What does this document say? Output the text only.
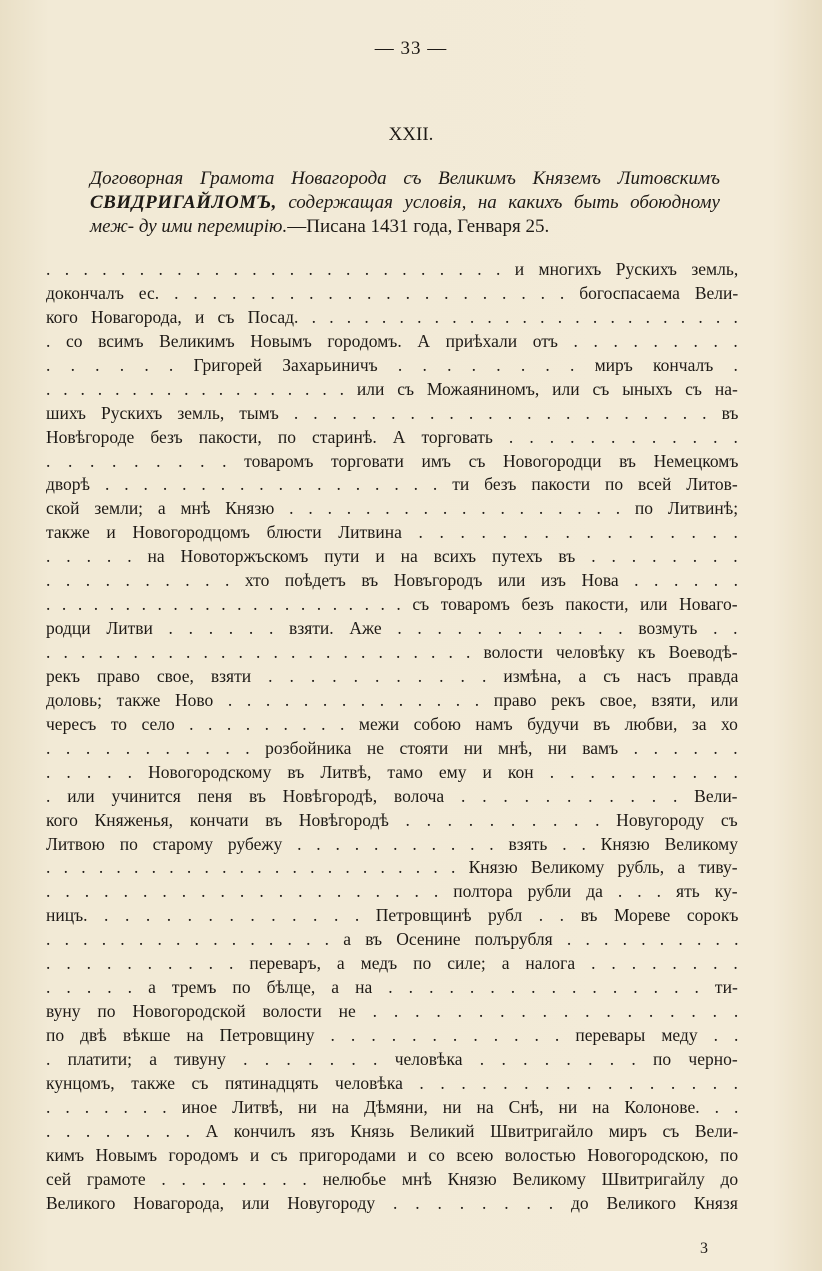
— 33 —
XXII.
Договорная Грамота Новагорода съ Великимъ Княземъ Литовскимъ СВИДРИГАЙЛОМЪ, содержащая условія, на какихъ быть обоюдному меж- ду ими перемирію.—Писана 1431 года, Генваря 25.
. . . . . . . . . . . . . . . . . . . . . . . . . и многихъ Рускихъ земль,
докончалъ ес. . . . . . . . . . . . . . . . . . . . . . богоспасаема Вели-
кого Новагорода, и съ Посад. . . . . . . . . . . . . . . . . . . . . . . . . .
. со всимъ Великимъ Новымъ городомъ. А приѣхали отъ . . . . . . . . .
. . . . . . Григорей Захарьиничъ . . . . . . . . миръ кончалъ .
. . . . . . . . . . . . . . . . . . или съ Можаяниномъ, или съ ыныхъ съ на-
шихъ Рускихъ земль, тымъ . . . . . . . . . . . . . . . . . . . . . . въ
Новѣгороде безъ пакости, по старинѣ. А торговать . . . . . . . . . . . .
. . . . . . . . . товаромъ торговати имъ съ Новогородци въ Немецкомъ
дворѣ . . . . . . . . . . . . . . . . . . ти безъ пакости по всей Литов-
ской земли; а мнѣ Князю . . . . . . . . . . . . . . . . . . по Литвинѣ;
также и Новогородцомъ блюсти Литвина . . . . . . . . . . . . . . . .
. . . . . на Новоторжъскомъ пути и на всихъ путехъ въ . . . . . . . .
. . . . . . . . . . хто поѣдетъ въ Новъгородъ или изъ Нова . . . . . .
. . . . . . . . . . . . . . . . . . . . . . . съ товаромъ безъ пакости, или Новаго-
родци Литви . . . . . . взяти. Аже . . . . . . . . . . . . возмуть . .
. . . . . . . . . . . . . . . . . . . . . . . . . волости человѣку къ Воеводѣ-
рекъ право свое, взяти . . . . . . . . . . . измѣна, а съ насъ правда
доловь; также Ново . . . . . . . . . . . . . . право рекъ свое, взяти, или
чересъ то село . . . . . . . . . межи собою намъ будучи въ любви, за хо
. . . . . . . . . . . розбойника не стояти ни мнѣ, ни вамъ . . . . . .
. . . . . Новогородскому въ Литвѣ, тамо ему и кон . . . . . . . . . .
. или учинится пеня въ Новѣгородѣ, волоча . . . . . . . . . . . Вели-
кого Княженья, кончати въ Новѣгородѣ . . . . . . . . . . Новугороду съ
Литвою по старому рубежу . . . . . . . . . . . взять . . Князю Великому
. . . . . . . . . . . . . . . . . . . . . . . . Князю Великому рубль, а тиву-
. . . . . . . . . . . . . . . . . . . . . полтора рубли да . . . ять ку-
ницъ. . . . . . . . . . . . . . Петровщинѣ рубл . . въ Мореве сорокъ
. . . . . . . . . . . . . . . . а въ Осенине полърубля . . . . . . . . . .
. . . . . . . . . . переваръ, а медъ по силе; а налога . . . . . . . .
. . . . . а тремъ по бѣлце, а на . . . . . . . . . . . . . . . . ти-
вуну по Новогородской волости не . . . . . . . . . . . . . . . . . .
по двѣ вѣкше на Петровщину . . . . . . . . . . . . перевары меду . .
. платити; а тивуну . . . . . . . человѣка . . . . . . . . по черно-
кунцомъ, также съ пятинадцять человѣка . . . . . . . . . . . . . . . .
. . . . . . . иное Литвѣ, ни на Дѣмяни, ни на Снѣ, ни на Колонове. . .
. . . . . . . . А кончилъ язъ Князь Великий Швитригайло миръ съ Вели-
кимъ Новымъ городомъ и съ пригородами и со всею волостью Новогородскою, по
сей грамоте . . . . . . . . нелюбье мнѣ Князю Великому Швитригайлу до
Великого Новагорода, или Новугороду . . . . . . . . до Великого Князя
3
